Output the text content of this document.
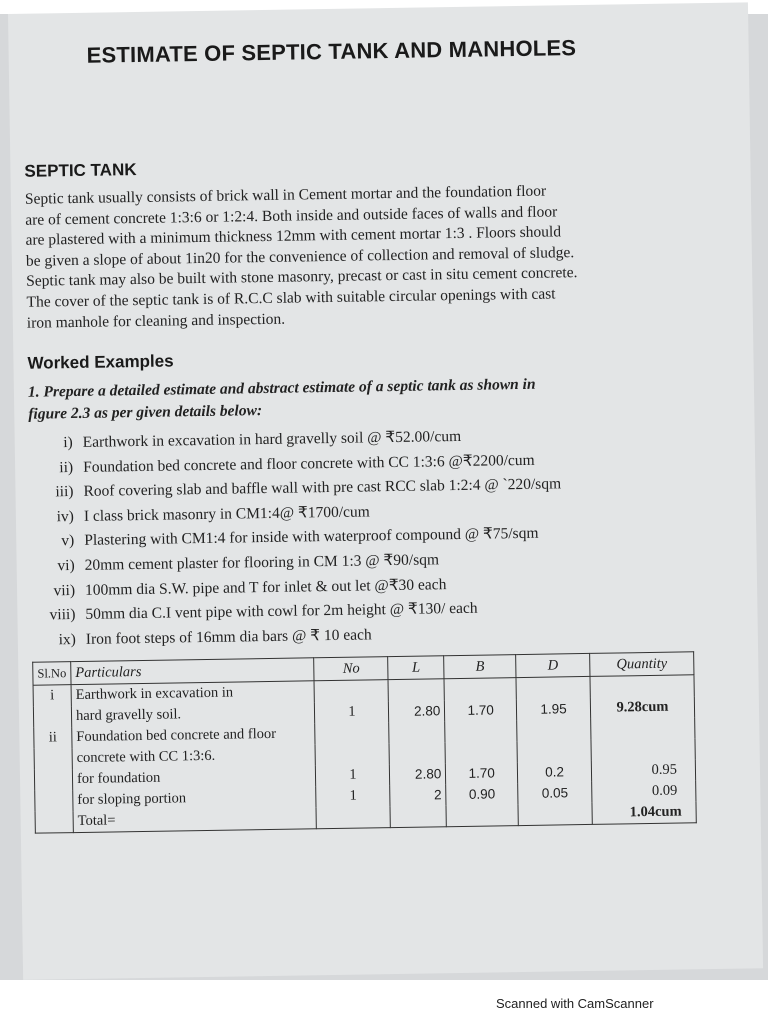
ESTIMATE OF SEPTIC TANK AND MANHOLES
SEPTIC TANK
Septic tank usually consists of brick wall in Cement mortar and the foundation floor
are of cement concrete 1:3:6 or 1:2:4. Both inside and outside faces of walls and floor
are plastered with a minimum thickness 12mm with cement mortar 1:3 . Floors should
be given a slope of about 1in20 for the convenience of collection and removal of sludge.
Septic tank may also be built with stone masonry, precast or cast in situ cement concrete.
The cover of the septic tank is of R.C.C slab with suitable circular openings with cast
iron manhole for cleaning and inspection.
Worked Examples
1. Prepare a detailed estimate and abstract estimate of a septic tank as shown in
figure 2.3 as per given details below:
i) Earthwork in excavation in hard gravelly soil @ ₹52.00/cum
ii) Foundation bed concrete and floor concrete with CC 1:3:6 @₹2200/cum
iii) Roof covering slab and baffle wall with pre cast RCC slab 1:2:4 @ `220/sqm
iv) I class brick masonry in CM1:4@ ₹1700/cum
v) Plastering with CM1:4 for inside with waterproof compound @ ₹75/sqm
vi) 20mm cement plaster for flooring in CM 1:3 @ ₹90/sqm
vii) 100mm dia S.W. pipe and T for inlet & out let @₹30 each
viii) 50mm dia C.I vent pipe with cowl for 2m height @ ₹130/ each
ix) Iron foot steps of 16mm dia bars @ ₹ 10 each
Sl.No	Particulars	No	L	B	D	Quantity
i	Earthwork in excavation in					
	hard gravelly soil.	1	2.80	1.70	1.95	9.28cum
ii	Foundation bed concrete and floor					
	concrete with CC 1:3:6.					
	for foundation	1	2.80	1.70	0.2	0.95
	for sloping portion	1	2	0.90	0.05	0.09
	Total=					1.04cum
Scanned with CamScanner
